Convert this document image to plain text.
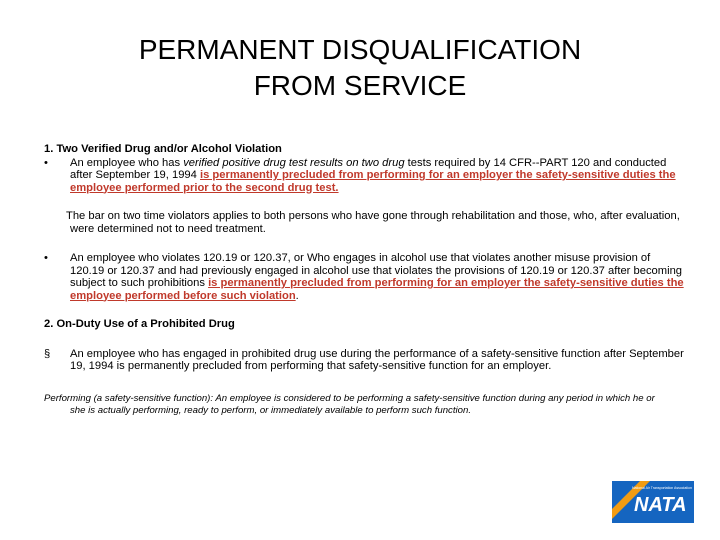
PERMANENT DISQUALIFICATION
FROM SERVICE
1. Two Verified Drug and/or Alcohol Violation
• An employee who has verified positive drug test results on two drug tests required by 14 CFR--PART 120 and conducted after September 19, 1994 is permanently precluded from performing for an employer the safety-sensitive duties the employee performed prior to the second drug test.
The bar on two time violators applies to both persons who have gone through rehabilitation and those, who, after evaluation, were determined not to need treatment.
• An employee who violates 120.19 or 120.37, or Who engages in alcohol use that violates another misuse provision of 120.19 or 120.37 and had previously engaged in alcohol use that violates the provisions of 120.19 or 120.37 after becoming subject to such prohibitions is permanently precluded from performing for an employer the safety-sensitive duties the employee performed before such violation.
2. On-Duty Use of a Prohibited Drug
§ An employee who has engaged in prohibited drug use during the performance of a safety-sensitive function after September 19, 1994 is permanently precluded from performing that safety-sensitive function for an employer.
Performing (a safety-sensitive function): An employee is considered to be performing a safety-sensitive function during any period in which he or
she is actually performing, ready to perform, or immediately available to perform such function.
National Air Transportation Association
NATA
